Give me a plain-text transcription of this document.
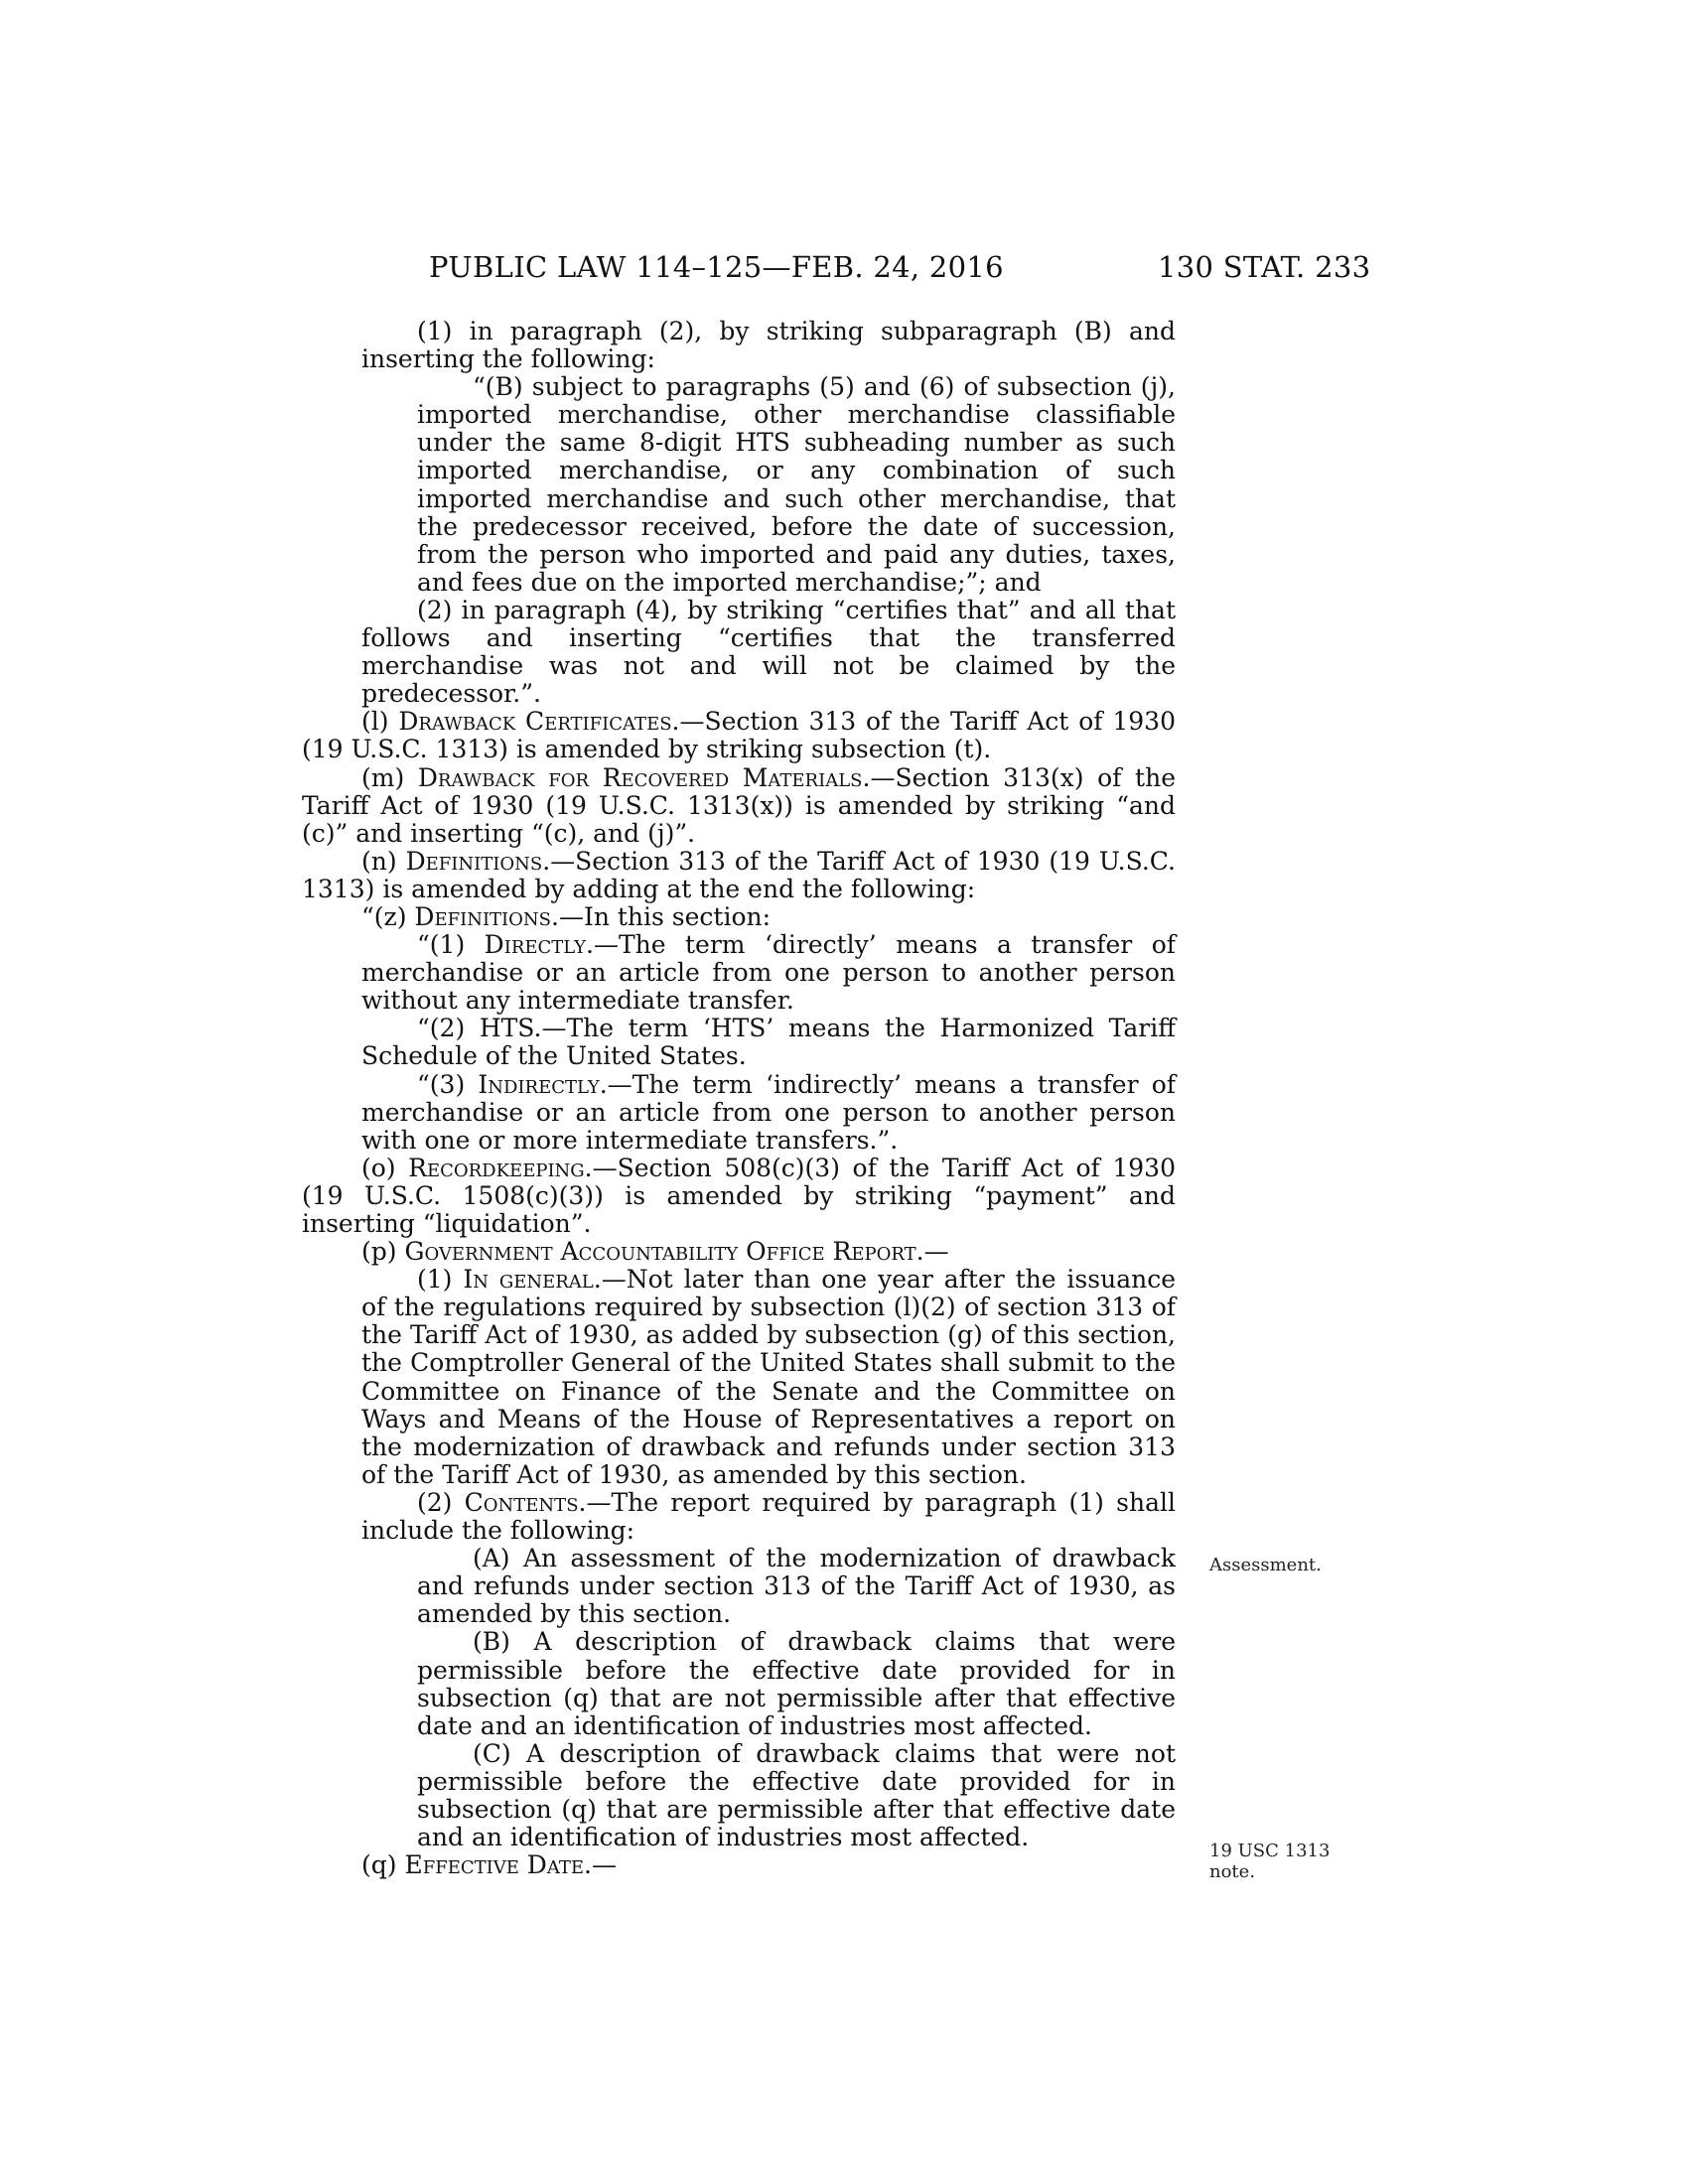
PUBLIC LAW 114–125—FEB. 24, 2016	130 STAT. 233

(1) in paragraph (2), by striking subparagraph (B) and inserting the following:

“(B) subject to paragraphs (5) and (6) of subsection (j), imported merchandise, other merchandise classifiable under the same 8-digit HTS subheading number as such imported merchandise, or any combination of such imported merchandise and such other merchandise, that the predecessor received, before the date of succession, from the person who imported and paid any duties, taxes, and fees due on the imported merchandise;”; and

(2) in paragraph (4), by striking “certifies that” and all that follows and inserting “certifies that the transferred merchandise was not and will not be claimed by the predecessor.”.

(l) Drawback Certificates.—Section 313 of the Tariff Act of 1930 (19 U.S.C. 1313) is amended by striking subsection (t).

(m) Drawback for Recovered Materials.—Section 313(x) of the Tariff Act of 1930 (19 U.S.C. 1313(x)) is amended by striking “and (c)” and inserting “(c), and (j)”.

(n) Definitions.—Section 313 of the Tariff Act of 1930 (19 U.S.C. 1313) is amended by adding at the end the following:

“(z) Definitions.—In this section:

“(1) Directly.—The term ‘directly’ means a transfer of merchandise or an article from one person to another person without any intermediate transfer.

“(2) HTS.—The term ‘HTS’ means the Harmonized Tariff Schedule of the United States.

“(3) Indirectly.—The term ‘indirectly’ means a transfer of merchandise or an article from one person to another person with one or more intermediate transfers.”.

(o) Recordkeeping.—Section 508(c)(3) of the Tariff Act of 1930 (19 U.S.C. 1508(c)(3)) is amended by striking “payment” and inserting “liquidation”.

(p) Government Accountability Office Report.—

(1) In general.—Not later than one year after the issuance of the regulations required by subsection (l)(2) of section 313 of the Tariff Act of 1930, as added by subsection (g) of this section, the Comptroller General of the United States shall submit to the Committee on Finance of the Senate and the Committee on Ways and Means of the House of Representatives a report on the modernization of drawback and refunds under section 313 of the Tariff Act of 1930, as amended by this section.

(2) Contents.—The report required by paragraph (1) shall include the following:

(A) An assessment of the modernization of drawback and refunds under section 313 of the Tariff Act of 1930, as amended by this section.

(B) A description of drawback claims that were permissible before the effective date provided for in subsection (q) that are not permissible after that effective date and an identification of industries most affected.

(C) A description of drawback claims that were not permissible before the effective date provided for in subsection (q) that are permissible after that effective date and an identification of industries most affected.

(q) Effective Date.—

Assessment.
19 USC 1313
note.
